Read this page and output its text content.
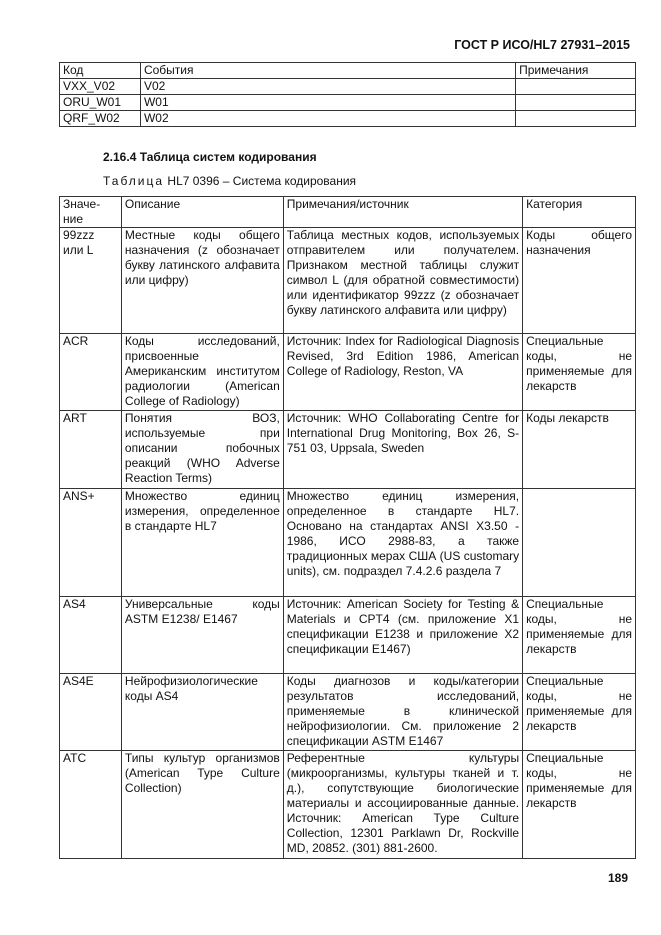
ГОСТ Р ИСО/HL7 27931–2015
Код	События	Примечания
VXX_V02	V02	
ORU_W01	W01	
QRF_W02	W02	
2.16.4 Таблица систем кодирования
Таблица HL7 0396 – Система кодирования
Значе-ние	Описание	Примечания/источник	Категория
99zzz или L	Местные коды общего назначения (z обозначает букву латинского алфавита или цифру)	Таблица местных кодов, используемых отправителем или получателем. Признаком местной таблицы служит символ L (для обратной совместимости) или идентификатор 99zzz (z обозначает букву латинского алфавита или цифру)	Коды общего назначения
ACR	Коды исследований, присвоенные Американским институтом радиологии (American College of Radiology)	Источник: Index for Radiological Diagnosis Revised, 3rd Edition 1986, American College of Radiology, Reston, VA	Специальные коды, не применяемые для лекарств
ART	Понятия ВОЗ, используемые при описании побочных реакций (WHO Adverse Reaction Terms)	Источник: WHO Collaborating Centre for International Drug Monitoring, Box 26, S-751 03, Uppsala, Sweden	Коды лекарств
ANS+	Множество единиц измерения, определенное в стандарте HL7	Множество единиц измерения, определенное в стандарте HL7. Основано на стандартах ANSI X3.50 - 1986, ИСО 2988-83, а также традиционных мерах США (US customary units), см. подраздел 7.4.2.6 раздела 7	
AS4	Универсальные коды ASTM E1238/ E1467	Источник: American Society for Testing & Materials и CPT4 (см. приложение X1 спецификации E1238 и приложение X2 спецификации E1467)	Специальные коды, не применяемые для лекарств
AS4E	Нейрофизиологические коды AS4	Коды диагнозов и коды/категории результатов исследований, применяемые в клинической нейрофизиологии. См. приложение 2 спецификации ASTM E1467	Специальные коды, не применяемые для лекарств
ATC	Типы культур организмов (American Type Culture Collection)	Референтные культуры (микроорганизмы, культуры тканей и т. д.), сопутствующие биологические материалы и ассоциированные данные. Источник: American Type Culture Collection, 12301 Parklawn Dr, Rockville MD, 20852. (301) 881-2600.	Специальные коды, не применяемые для лекарств
189
